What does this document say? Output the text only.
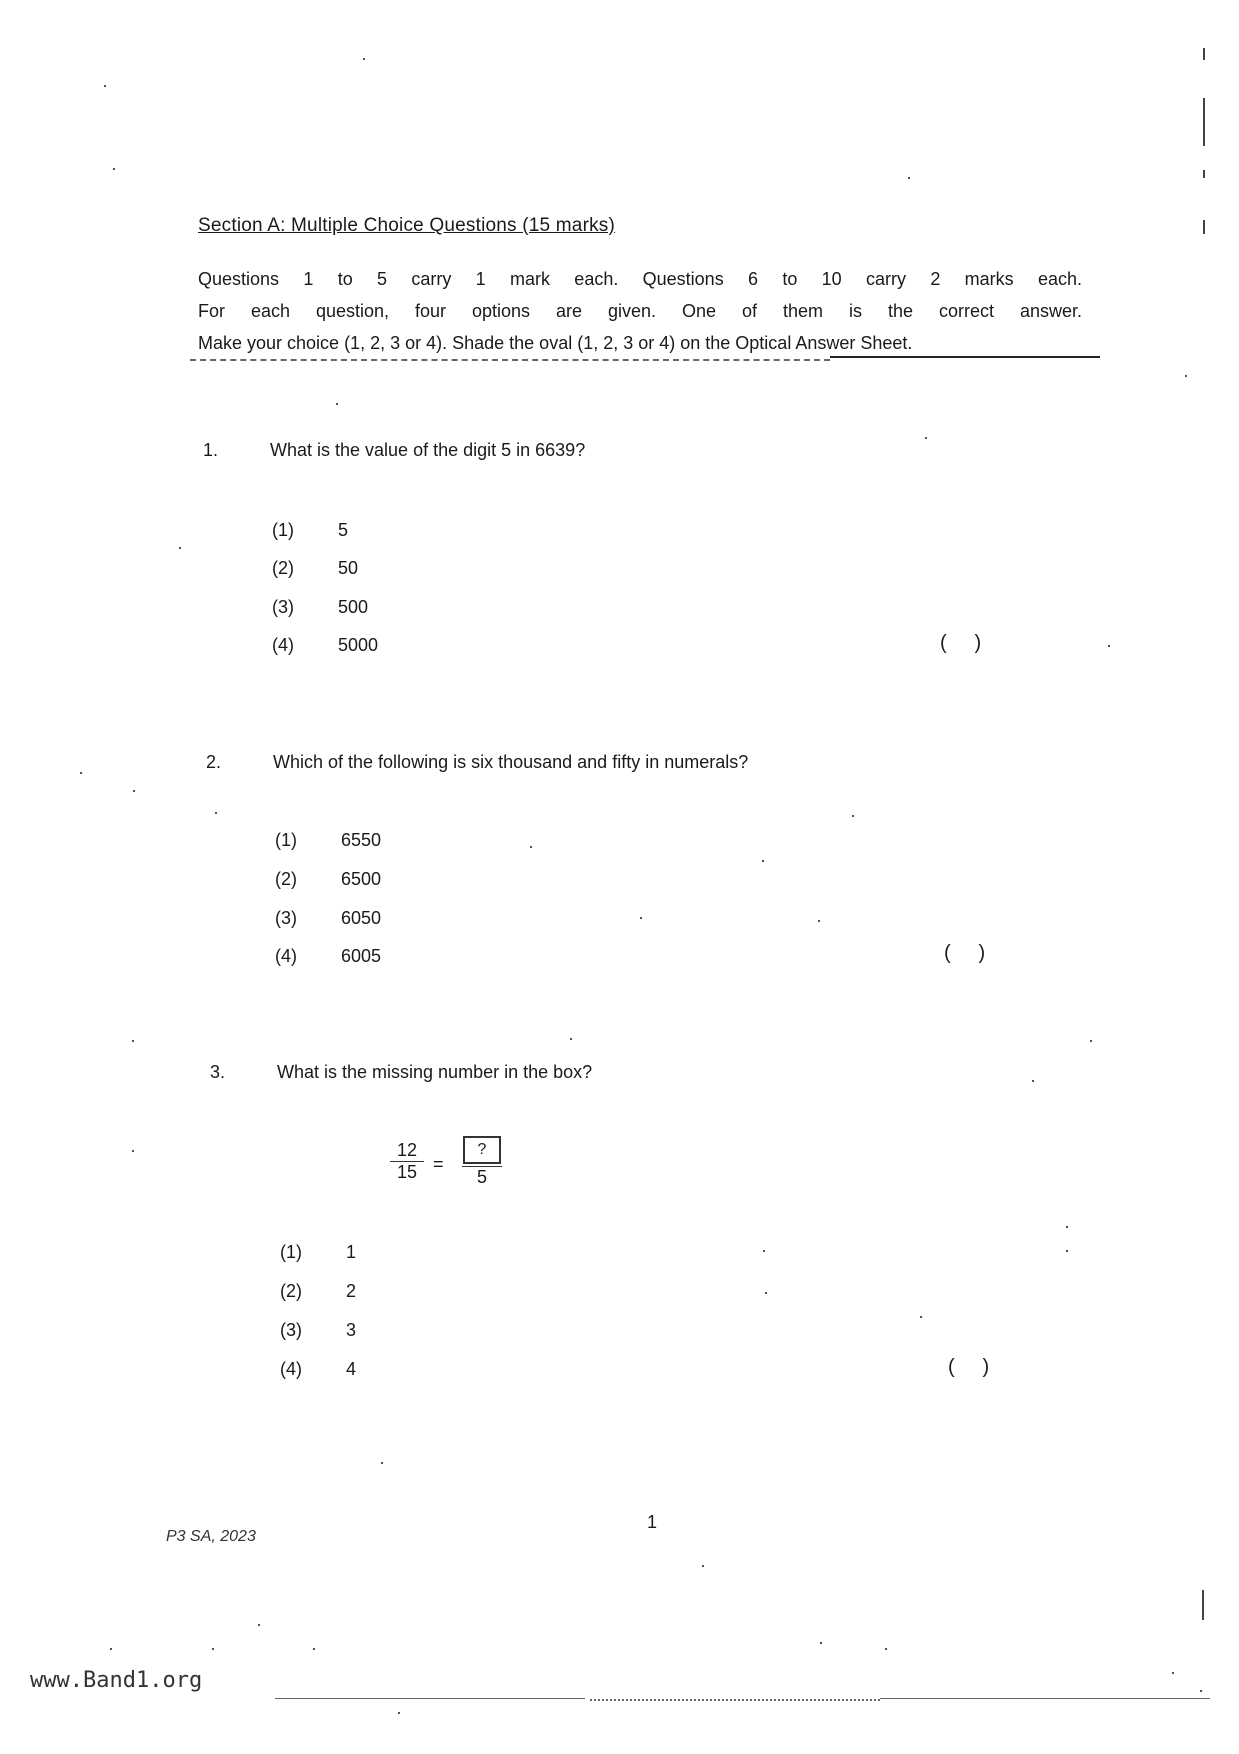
Section A: Multiple Choice Questions (15 marks)
Questions 1 to 5 carry 1 mark each. Questions 6 to 10 carry 2 marks each.
For each question, four options are given. One of them is the correct answer.
Make your choice (1, 2, 3 or 4). Shade the oval (1, 2, 3 or 4) on the Optical Answer Sheet.
1.	What is the value of the digit 5 in 6639?
(1) 5
(2) 50
(3) 500
(4) 5000	(     )
2.	Which of the following is six thousand and fifty in numerals?
(1) 6550
(2) 6500
(3) 6050
(4) 6005	(     )
3.	What is the missing number in the box?
12
15 =
?
5
(1) 1
(2) 2
(3) 3
(4) 4	(     )
P3 SA, 2023
1
www.Band1.org
